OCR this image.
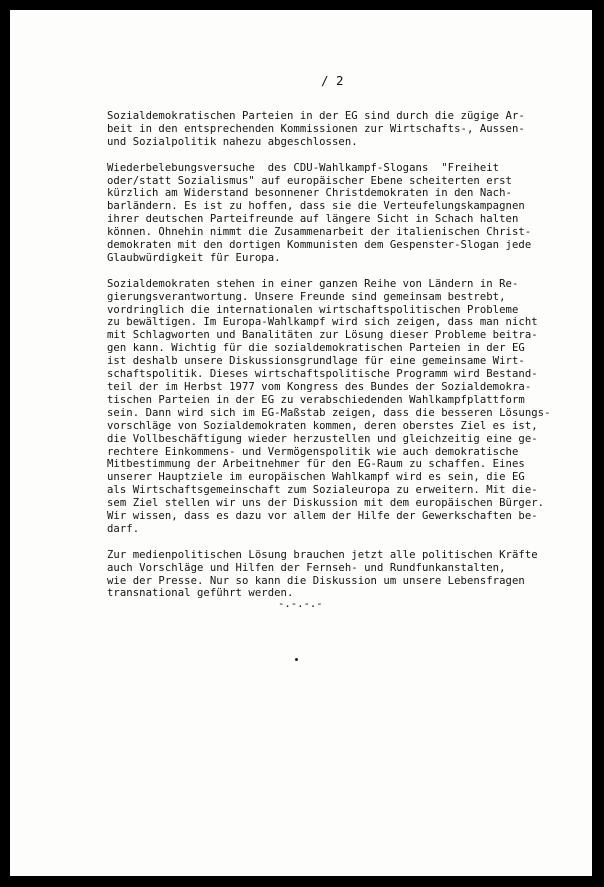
/ 2

Sozialdemokratischen Parteien in der EG sind durch die zügige Ar-
beit in den entsprechenden Kommissionen zur Wirtschafts-, Aussen-
und Sozialpolitik nahezu abgeschlossen.

Wiederbelebungsversuche  des CDU-Wahlkampf-Slogans  "Freiheit
oder/statt Sozialismus" auf europäischer Ebene scheiterten erst
kürzlich am Widerstand besonnener Christdemokraten in den Nach-
barländern. Es ist zu hoffen, dass sie die Verteufelungskampagnen
ihrer deutschen Parteifreunde auf längere Sicht in Schach halten
können. Ohnehin nimmt die Zusammenarbeit der italienischen Christ-
demokraten mit den dortigen Kommunisten dem Gespenster-Slogan jede
Glaubwürdigkeit für Europa.

Sozialdemokraten stehen in einer ganzen Reihe von Ländern in Re-
gierungsverantwortung. Unsere Freunde sind gemeinsam bestrebt,
vordringlich die internationalen wirtschaftspolitischen Probleme
zu bewältigen. Im Europa-Wahlkampf wird sich zeigen, dass man nicht
mit Schlagworten und Banalitäten zur Lösung dieser Probleme beitra-
gen kann. Wichtig für die sozialdemokratischen Parteien in der EG
ist deshalb unsere Diskussionsgrundlage für eine gemeinsame Wirt-
schaftspolitik. Dieses wirtschaftspolitische Programm wird Bestand-
teil der im Herbst 1977 vom Kongress des Bundes der Sozialdemokra-
tischen Parteien in der EG zu verabschiedenden Wahlkampfplattform
sein. Dann wird sich im EG-Maßstab zeigen, dass die besseren Lösungs-
vorschläge von Sozialdemokraten kommen, deren oberstes Ziel es ist,
die Vollbeschäftigung wieder herzustellen und gleichzeitig eine ge-
rechtere Einkommens- und Vermögenspolitik wie auch demokratische
Mitbestimmung der Arbeitnehmer für den EG-Raum zu schaffen. Eines
unserer Hauptziele im europäischen Wahlkampf wird es sein, die EG
als Wirtschaftsgemeinschaft zum Sozialeuropa zu erweitern. Mit die-
sem Ziel stellen wir uns der Diskussion mit dem europäischen Bürger.
Wir wissen, dass es dazu vor allem der Hilfe der Gewerkschaften be-
darf.

Zur medienpolitischen Lösung brauchen jetzt alle politischen Kräfte
auch Vorschläge und Hilfen der Fernseh- und Rundfunkanstalten,
wie der Presse. Nur so kann die Diskussion um unsere Lebensfragen
transnational geführt werden.

-.-.-.-
